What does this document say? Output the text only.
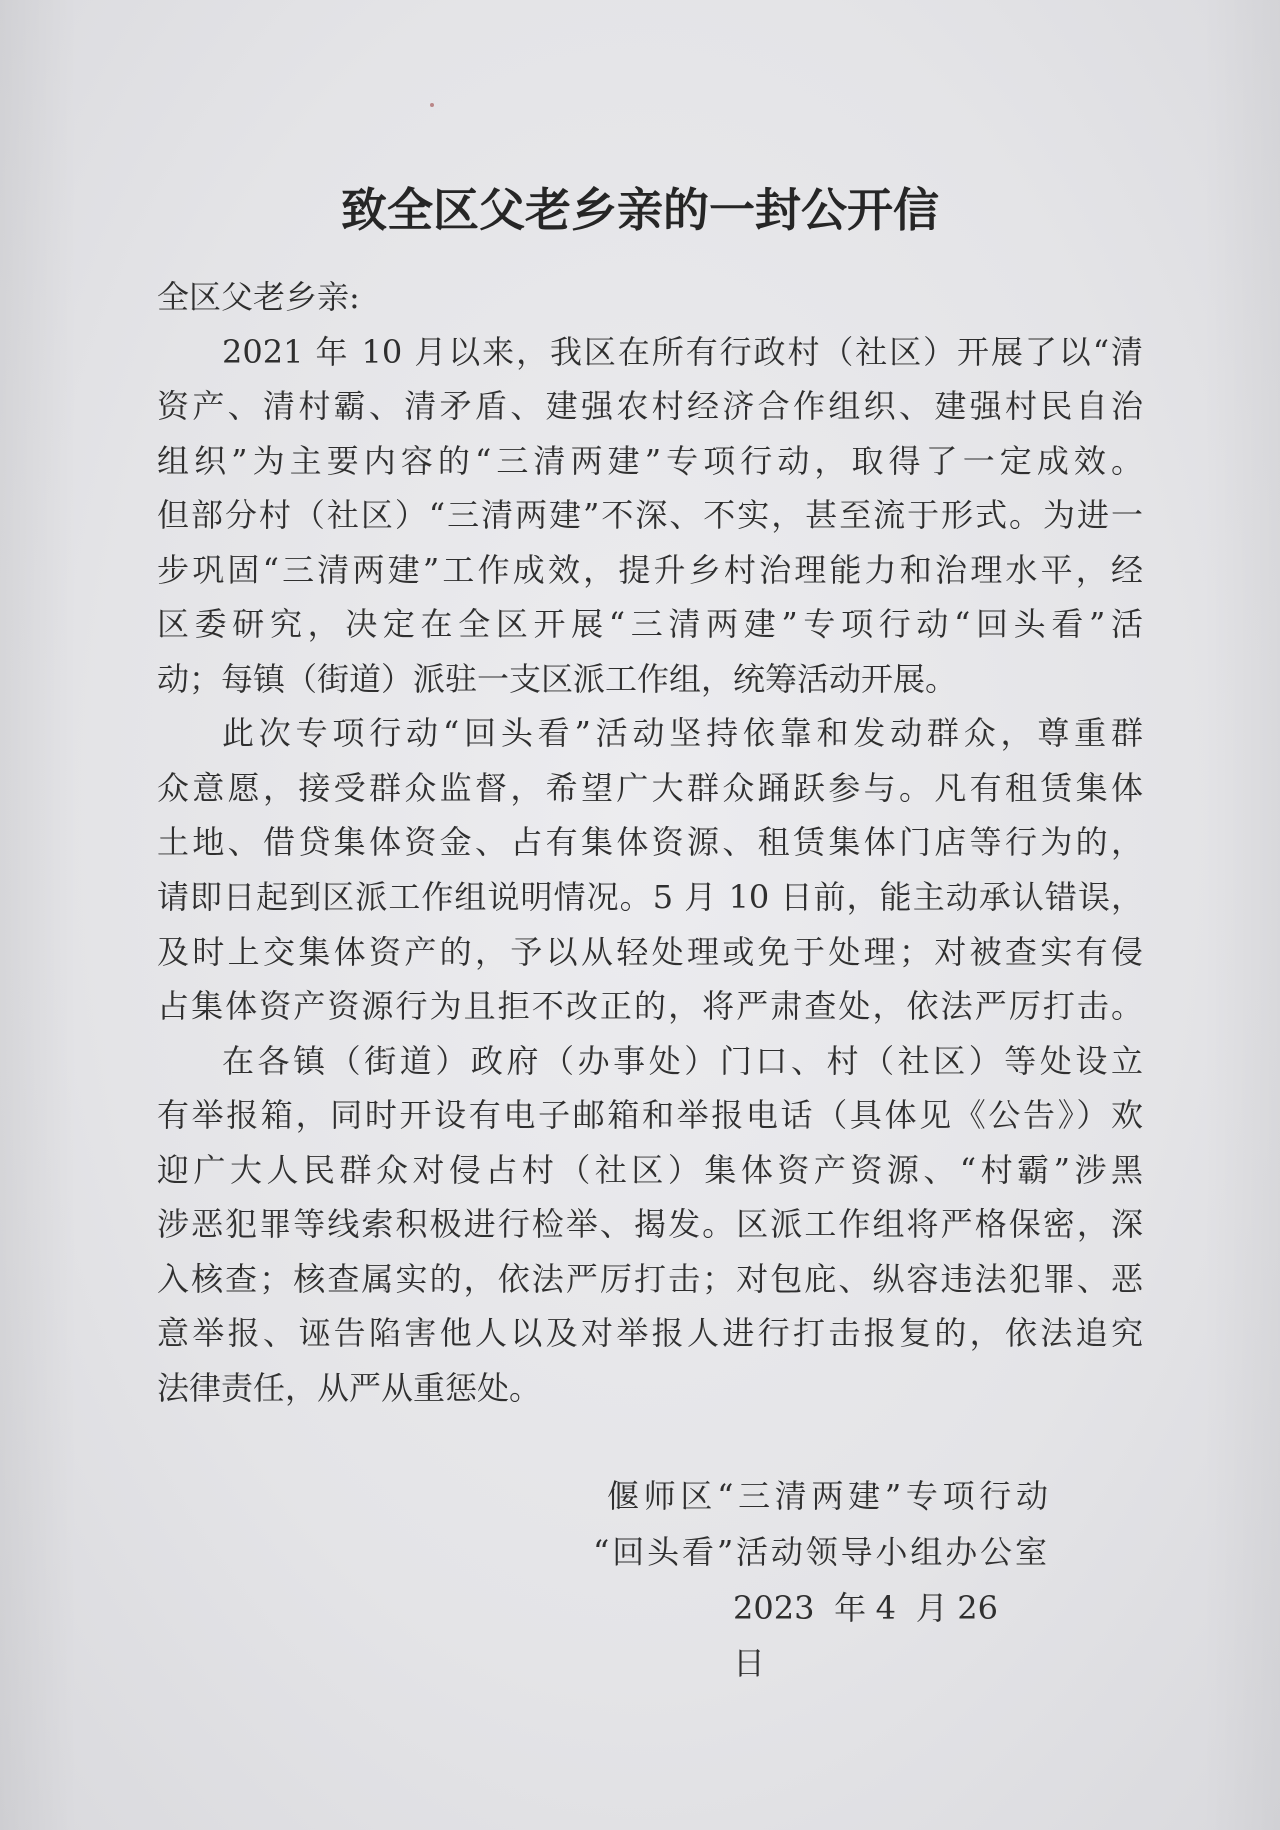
致全区父老乡亲的一封公开信
全区父老乡亲:
2021 年 10 月以来，我区在所有行政村（社区）开展了以“清
资产、清村霸、清矛盾、建强农村经济合作组织、建强村民自治
组织”为主要内容的“三清两建”专项行动，取得了一定成效。
但部分村（社区）“三清两建”不深、不实，甚至流于形式。为进一
步巩固“三清两建”工作成效，提升乡村治理能力和治理水平，经
区委研究，决定在全区开展“三清两建”专项行动“回头看”活
动；每镇（街道）派驻一支区派工作组，统筹活动开展。
此次专项行动“回头看”活动坚持依靠和发动群众，尊重群
众意愿，接受群众监督，希望广大群众踊跃参与。凡有租赁集体
土地、借贷集体资金、占有集体资源、租赁集体门店等行为的，
请即日起到区派工作组说明情况。5 月 10 日前，能主动承认错误，
及时上交集体资产的，予以从轻处理或免于处理；对被查实有侵
占集体资产资源行为且拒不改正的，将严肃查处，依法严厉打击。
在各镇（街道）政府（办事处）门口、村（社区）等处设立
有举报箱，同时开设有电子邮箱和举报电话（具体见《公告》）欢
迎广大人民群众对侵占村（社区）集体资产资源、“村霸”涉黑
涉恶犯罪等线索积极进行检举、揭发。区派工作组将严格保密，深
入核查；核查属实的，依法严厉打击；对包庇、纵容违法犯罪、恶
意举报、诬告陷害他人以及对举报人进行打击报复的，依法追究
法律责任，从严从重惩处。
偃师区“三清两建”专项行动
“回头看”活动领导小组办公室
2023 年4 月26 日
